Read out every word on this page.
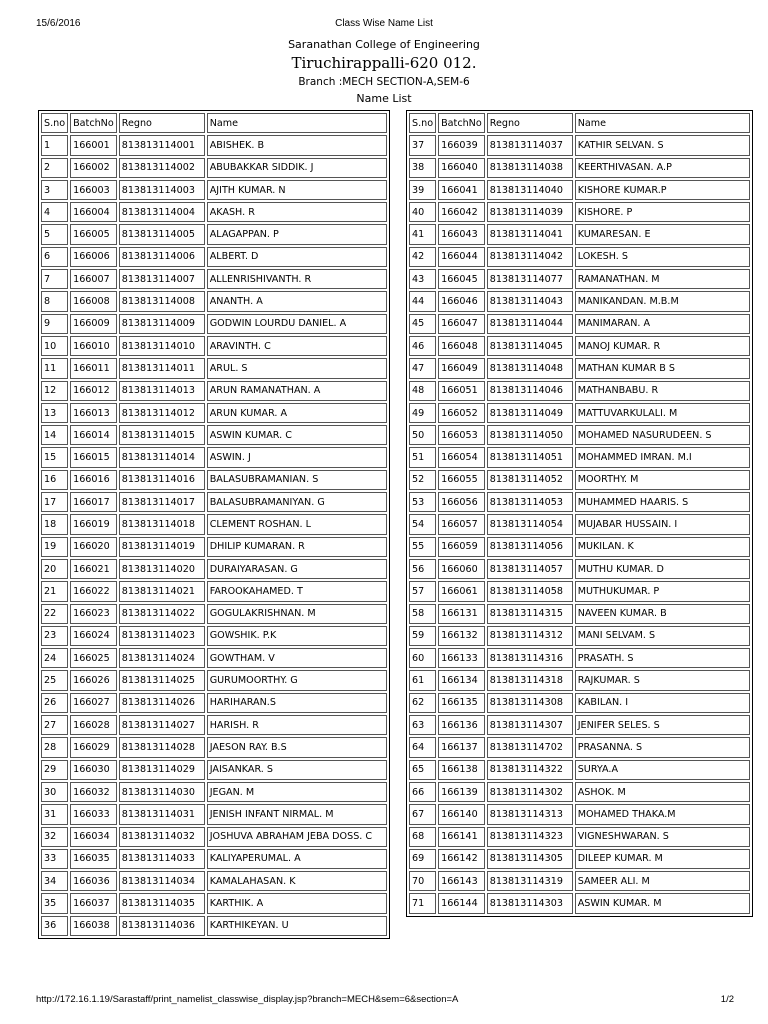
15/6/2016	Class Wise Name List
Saranathan College of Engineering
Tiruchirappalli-620 012.
Branch :MECH SECTION-A,SEM-6
Name List
S.no	BatchNo	Regno	Name
1	166001	813813114001	ABISHEK. B
2	166002	813813114002	ABUBAKKAR SIDDIK. J
3	166003	813813114003	AJITH KUMAR. N
4	166004	813813114004	AKASH. R
5	166005	813813114005	ALAGAPPAN. P
6	166006	813813114006	ALBERT. D
7	166007	813813114007	ALLENRISHIVANTH. R
8	166008	813813114008	ANANTH. A
9	166009	813813114009	GODWIN LOURDU DANIEL. A
10	166010	813813114010	ARAVINTH. C
11	166011	813813114011	ARUL. S
12	166012	813813114013	ARUN RAMANATHAN. A
13	166013	813813114012	ARUN KUMAR. A
14	166014	813813114015	ASWIN KUMAR. C
15	166015	813813114014	ASWIN. J
16	166016	813813114016	BALASUBRAMANIAN. S
17	166017	813813114017	BALASUBRAMANIYAN. G
18	166019	813813114018	CLEMENT ROSHAN. L
19	166020	813813114019	DHILIP KUMARAN. R
20	166021	813813114020	DURAIYARASAN. G
21	166022	813813114021	FAROOKAHAMED. T
22	166023	813813114022	GOGULAKRISHNAN. M
23	166024	813813114023	GOWSHIK. P.K
24	166025	813813114024	GOWTHAM. V
25	166026	813813114025	GURUMOORTHY. G
26	166027	813813114026	HARIHARAN.S
27	166028	813813114027	HARISH. R
28	166029	813813114028	JAESON RAY. B.S
29	166030	813813114029	JAISANKAR. S
30	166032	813813114030	JEGAN. M
31	166033	813813114031	JENISH INFANT NIRMAL. M
32	166034	813813114032	JOSHUVA ABRAHAM JEBA DOSS. C
33	166035	813813114033	KALIYAPERUMAL. A
34	166036	813813114034	KAMALAHASAN. K
35	166037	813813114035	KARTHIK. A
36	166038	813813114036	KARTHIKEYAN. U
S.no	BatchNo	Regno	Name
37	166039	813813114037	KATHIR SELVAN. S
38	166040	813813114038	KEERTHIVASAN. A.P
39	166041	813813114040	KISHORE KUMAR.P
40	166042	813813114039	KISHORE. P
41	166043	813813114041	KUMARESAN. E
42	166044	813813114042	LOKESH. S
43	166045	813813114077	RAMANATHAN. M
44	166046	813813114043	MANIKANDAN. M.B.M
45	166047	813813114044	MANIMARAN. A
46	166048	813813114045	MANOJ KUMAR. R
47	166049	813813114048	MATHAN KUMAR B S
48	166051	813813114046	MATHANBABU. R
49	166052	813813114049	MATTUVARKULALI. M
50	166053	813813114050	MOHAMED NASURUDEEN. S
51	166054	813813114051	MOHAMMED IMRAN. M.I
52	166055	813813114052	MOORTHY. M
53	166056	813813114053	MUHAMMED HAARIS. S
54	166057	813813114054	MUJABAR HUSSAIN. I
55	166059	813813114056	MUKILAN. K
56	166060	813813114057	MUTHU KUMAR. D
57	166061	813813114058	MUTHUKUMAR. P
58	166131	813813114315	NAVEEN KUMAR. B
59	166132	813813114312	MANI SELVAM. S
60	166133	813813114316	PRASATH. S
61	166134	813813114318	RAJKUMAR. S
62	166135	813813114308	KABILAN. I
63	166136	813813114307	JENIFER SELES. S
64	166137	813813114702	PRASANNA. S
65	166138	813813114322	SURYA.A
66	166139	813813114302	ASHOK. M
67	166140	813813114313	MOHAMED THAKA.M
68	166141	813813114323	VIGNESHWARAN. S
69	166142	813813114305	DILEEP KUMAR. M
70	166143	813813114319	SAMEER ALI. M
71	166144	813813114303	ASWIN KUMAR. M
http://172.16.1.19/Sarastaff/print_namelist_classwise_display.jsp?branch=MECH&sem=6&section=A	1/2
